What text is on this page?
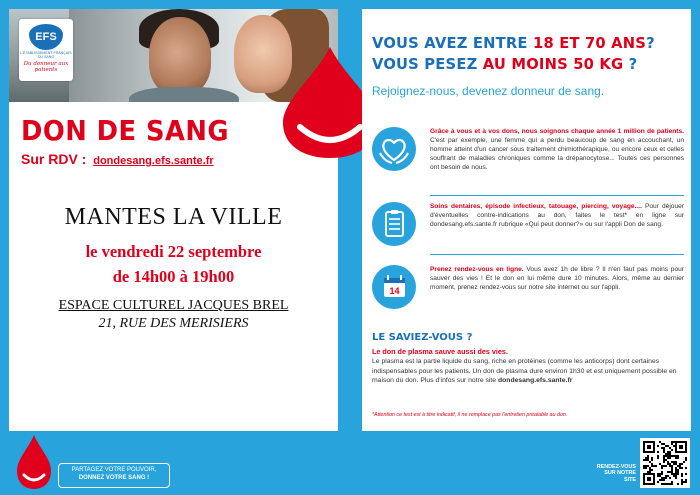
EFS
L'ÉTABLISSEMENT FRANÇAIS DU SANG
Du donneur aux patients
DON DE SANG
Sur RDV : dondesang.efs.sante.fr
MANTES LA VILLE
le vendredi 22 septembre
de 14h00 à 19h00
ESPACE CULTUREL JACQUES BREL
21, RUE DES MERISIERS
VOUS AVEZ ENTRE 18 ET 70 ANS?
VOUS PESEZ AU MOINS 50 KG ?
Rejoignez-nous, devenez donneur de sang.
Grâce à vous et à vos dons, nous soignons chaque année 1 million de patients. C'est par exemple, une femme qui a perdu beaucoup de sang en accouchant, un homme atteint d'un cancer sous traitement chimiothérapique, ou encore ceux et celles souffrant de maladies chroniques comme la drépanocytose... Toutes ces personnes ont besoin de nous.
Soins dentaires, épisode infectieux, tatouage, piercing, voyage.... Pour déjouer d'éventuelles contre-indications au don, faites le test* en ligne sur dondesang.efs.sante.fr rubrique «Qui peut donner?» ou sur l'appli Don de sang.
14
Prenez rendez-vous en ligne. Vous avez 1h de libre ? Il n'en faut pas moins pour sauver des vies ! Et le don en lui même dure 10 minutes. Alors, même au dernier moment, prenez rendez-vous sur notre site internet ou sur l'appli.
LE SAVIEZ-VOUS ?
Le don de plasma sauve aussi des vies.
Le plasma est la partie liquide du sang, riche en protéines (comme les anticorps) dont certaines indispensables pour les patients. Un don de plasma dure environ 1h30 et est uniquement possible en maison du don. Plus d'infos sur notre site dondesang.efs.sante.fr
*Attention ce test est à titre indicatif, il ne remplace pas l'entretien préalable au don.
PARTAGEZ VOTRE POUVOIR,
DONNEZ VOTRE SANG !
RENDEZ-VOUS
SUR NOTRE SITE
